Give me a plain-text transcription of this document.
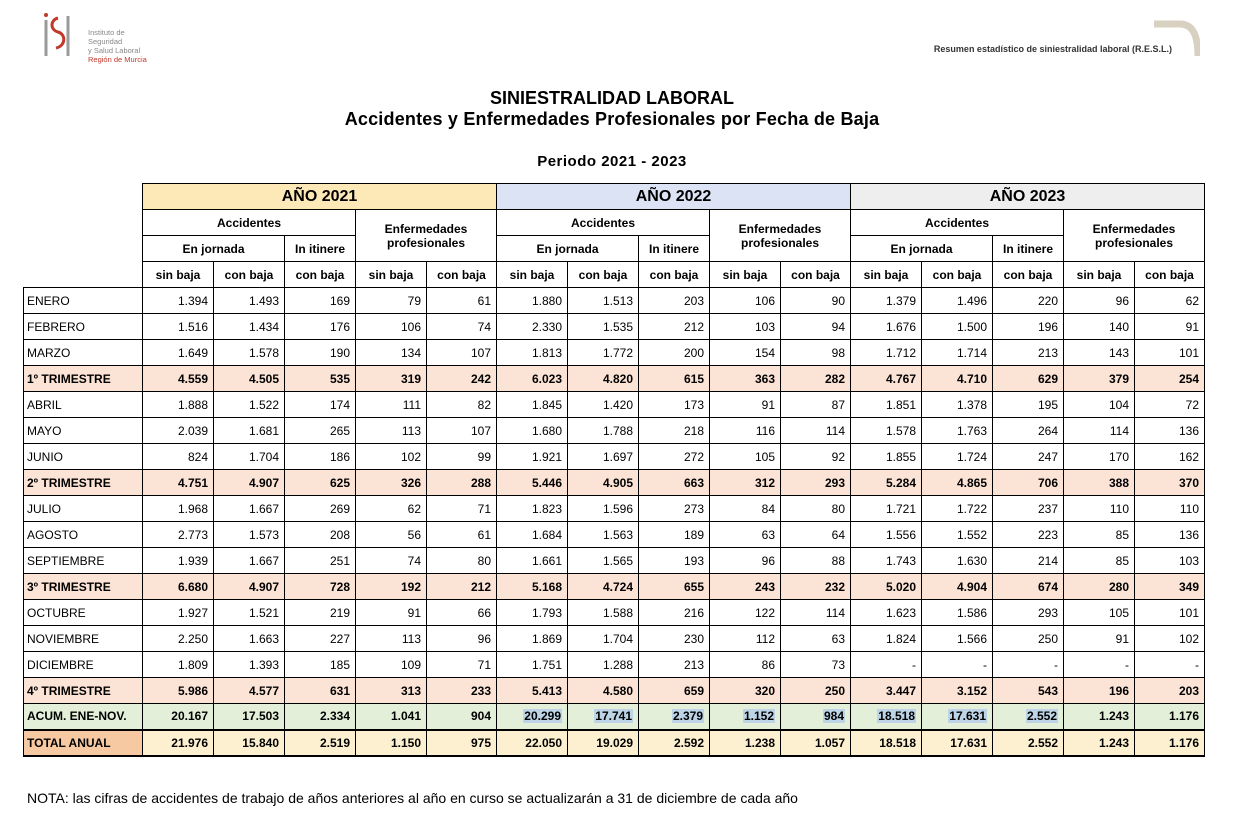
Instituto de
Seguridad
y Salud Laboral
Región de Murcia
Resumen estadístico de siniestralidad laboral (R.E.S.L.)
SINIESTRALIDAD LABORAL
Accidentes y Enfermedades Profesionales por Fecha de Baja
Periodo 2021 - 2023
	AÑO 2021					AÑO 2022					AÑO 2023				
	Accidentes			Enfermedades profesionales		Accidentes			Enfermedades profesionales		Accidentes			Enfermedades profesionales	
	En jornada		In itinere			En jornada		In itinere			En jornada		In itinere		
	sin baja	con baja	con baja	sin baja	con baja	sin baja	con baja	con baja	sin baja	con baja	sin baja	con baja	con baja	sin baja	con baja
ENERO	1.394	1.493	169	79	61	1.880	1.513	203	106	90	1.379	1.496	220	96	62
FEBRERO	1.516	1.434	176	106	74	2.330	1.535	212	103	94	1.676	1.500	196	140	91
MARZO	1.649	1.578	190	134	107	1.813	1.772	200	154	98	1.712	1.714	213	143	101
1º TRIMESTRE	4.559	4.505	535	319	242	6.023	4.820	615	363	282	4.767	4.710	629	379	254
ABRIL	1.888	1.522	174	111	82	1.845	1.420	173	91	87	1.851	1.378	195	104	72
MAYO	2.039	1.681	265	113	107	1.680	1.788	218	116	114	1.578	1.763	264	114	136
JUNIO	824	1.704	186	102	99	1.921	1.697	272	105	92	1.855	1.724	247	170	162
2º TRIMESTRE	4.751	4.907	625	326	288	5.446	4.905	663	312	293	5.284	4.865	706	388	370
JULIO	1.968	1.667	269	62	71	1.823	1.596	273	84	80	1.721	1.722	237	110	110
AGOSTO	2.773	1.573	208	56	61	1.684	1.563	189	63	64	1.556	1.552	223	85	136
SEPTIEMBRE	1.939	1.667	251	74	80	1.661	1.565	193	96	88	1.743	1.630	214	85	103
3º TRIMESTRE	6.680	4.907	728	192	212	5.168	4.724	655	243	232	5.020	4.904	674	280	349
OCTUBRE	1.927	1.521	219	91	66	1.793	1.588	216	122	114	1.623	1.586	293	105	101
NOVIEMBRE	2.250	1.663	227	113	96	1.869	1.704	230	112	63	1.824	1.566	250	91	102
DICIEMBRE	1.809	1.393	185	109	71	1.751	1.288	213	86	73	-	-	-	-	-
4º TRIMESTRE	5.986	4.577	631	313	233	5.413	4.580	659	320	250	3.447	3.152	543	196	203
ACUM. ENE-NOV.	20.167	17.503	2.334	1.041	904	20.299	17.741	2.379	1.152	984	18.518	17.631	2.552	1.243	1.176
TOTAL ANUAL	21.976	15.840	2.519	1.150	975	22.050	19.029	2.592	1.238	1.057	18.518	17.631	2.552	1.243	1.176
NOTA: las cifras de accidentes de trabajo de años anteriores al año en curso se actualizarán a 31 de diciembre de cada año
